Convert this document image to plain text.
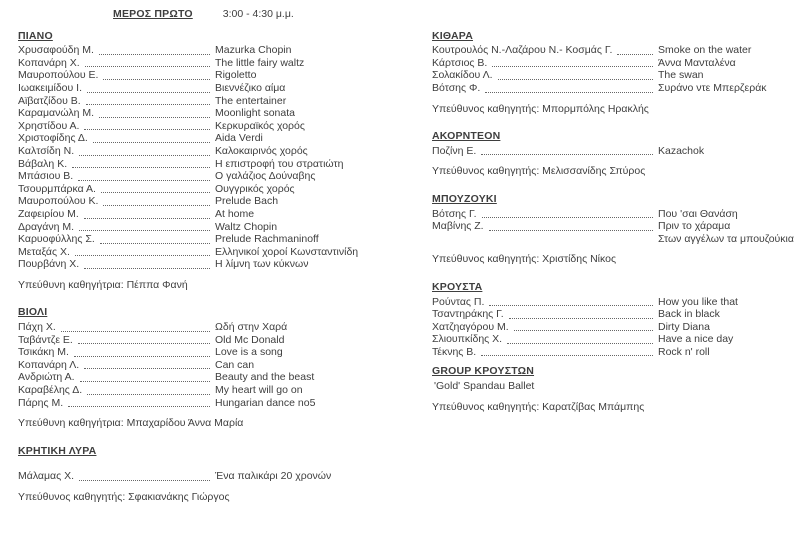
ΜΕΡΟΣ ΠΡΩΤΟ	3:00 - 4:30 μ.μ.
ΠΙΑΝΟ
Χρυσαφούδη Μ.	Mazurka Chopin
Κοπανάρη Χ.	The little fairy waltz
Μαυροπούλου Ε.	Rigoletto
Ιωακειμίδου Ι.	Βιεννέζικο αίμα
Αϊβατζίδου Β.	The entertainer
Καραμανώλη Μ.	Moonlight sonata
Χρηστίδου Α.	Κερκυραϊκός χορός
Χριστοφίδης Δ.	Aida Verdi
Καλτσίδη Ν.	Καλοκαιρινός χορός
Βάβαλη Κ.	Η επιστροφή του στρατιώτη
Μπάσιου Β.	Ο γαλάζιος Δούναβης
Τσουρμπάρκα Α.	Ουγγρικός χορός
Μαυροπούλου Κ.	Prelude Bach
Ζαφειρίου Μ.	At home
Δραγάνη Μ.	Waltz Chopin
Καρυοφύλλης Σ.	Prelude Rachmaninoff
Μεταξάς Χ.	Ελληνικοί χοροί Κωνσταντινίδη
Πουρβάνη Χ.	Η λίμνη των κύκνων
Υπεύθυνη καθηγήτρια: Πέππα Φανή
ΒΙΟΛΙ
Πάχη Χ.	Ωδή στην Χαρά
Ταβάντζε Ε.	Old Mc Donald
Τσικάκη Μ.	Love is a song
Κοπανάρη Λ.	Can can
Ανδριώτη Α.	Beauty and the beast
Καραβέλης Δ.	My heart will go on
Πάρης Μ.	Hungarian dance no5
Υπεύθυνη καθηγήτρια: Μπαχαρίδου Άννα Μαρία
ΚΡΗΤΙΚΗ ΛΥΡΑ
Μάλαμας Χ.	Ένα παλικάρι 20 χρονών
Υπεύθυνος καθηγητής: Σφακιανάκης Γιώργος
ΚΙΘΑΡΑ
Κουτρουλός Ν.-Λαζάρου Ν.- Κοσμάς Γ.	Smoke on the water
Κάρτσιος Β.	Άννα Μανταλένα
Σολακίδου Λ.	The swan
Βότσης Φ.	Συράνο ντε Μπερζεράκ
Υπεύθυνος καθηγητής: Μπορμπόλης Ηρακλής
ΑΚΟΡΝΤΕΟΝ
Ποζίνη Ε.	Kazachok
Υπεύθυνος καθηγητής: Μελισσανίδης Σπύρος
ΜΠΟΥΖΟΥΚΙ
Βότσης Γ.	Που 'σαι Θανάση
Μαβίνης Ζ.	Πριν το χάραμα
Στων αγγέλων τα μπουζούκια
Υπεύθυνος καθηγητής: Χριστίδης Νίκος
ΚΡΟΥΣΤΑ
Ρούντας Π.	How you like that
Τσαντηράκης Γ.	Back in black
Χατζηαγόρου Μ.	Dirty Diana
Σλιουπκίδης Χ.	Have a nice day
Τέκνης Β.	Rock n' roll
GROUP ΚΡΟΥΣΤΩΝ
'Gold' Spandau Ballet
Υπεύθυνος καθηγητής: Καρατζίβας Μπάμπης
